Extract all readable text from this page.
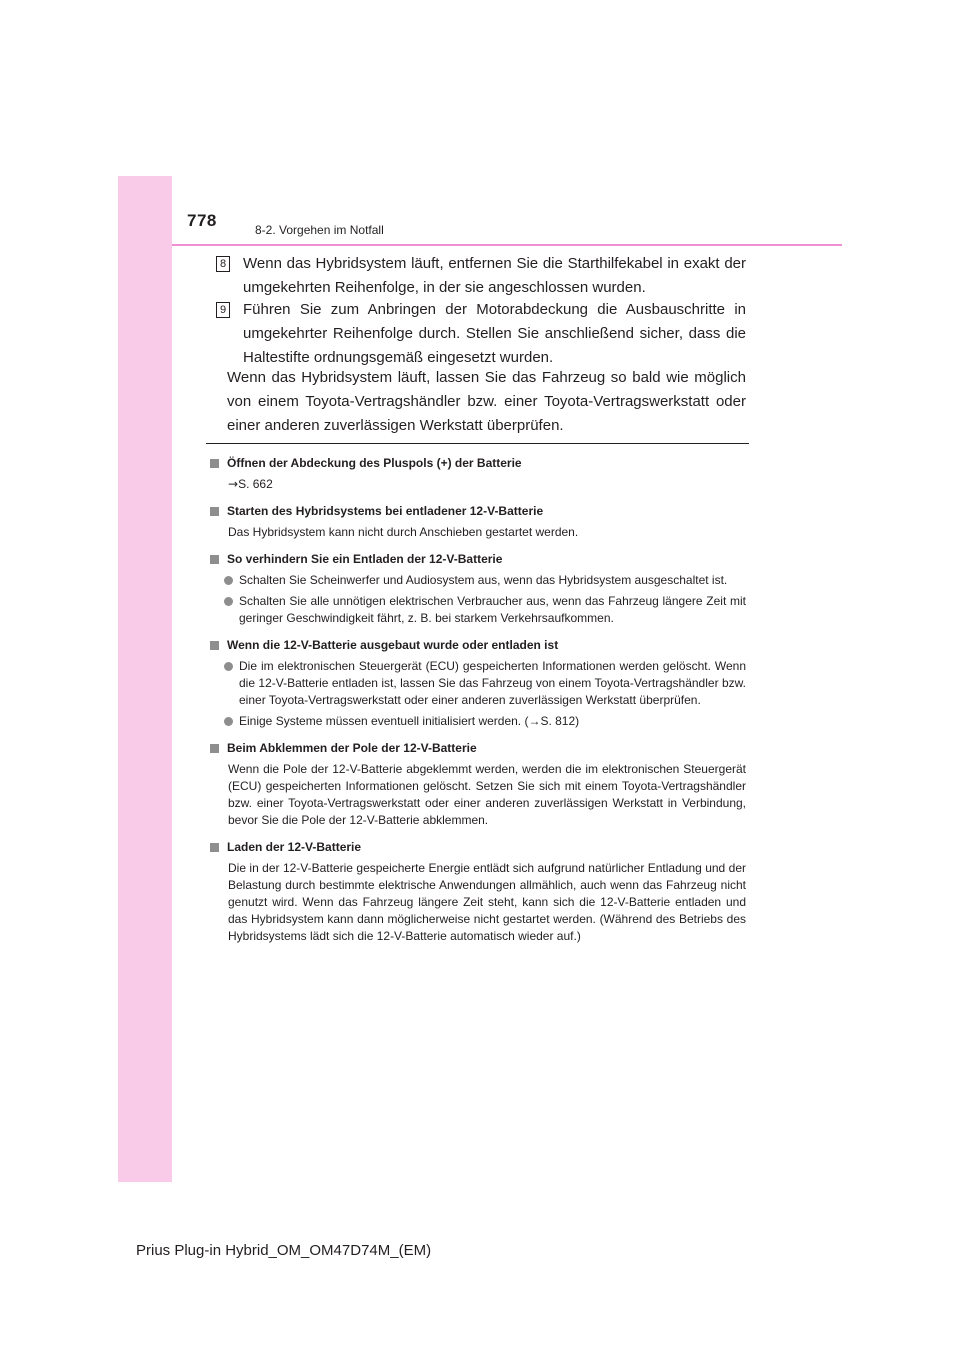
778	8-2. Vorgehen im Notfall
8 Wenn das Hybridsystem läuft, entfernen Sie die Starthilfekabel in exakt der umgekehrten Reihenfolge, in der sie angeschlossen wurden.
9 Führen Sie zum Anbringen der Motorabdeckung die Ausbauschritte in umgekehrter Reihenfolge durch. Stellen Sie anschließend sicher, dass die Haltestifte ordnungsgemäß eingesetzt wurden.
Wenn das Hybridsystem läuft, lassen Sie das Fahrzeug so bald wie möglich von einem Toyota-Vertragshändler bzw. einer Toyota-Vertragswerkstatt oder einer anderen zuverlässigen Werkstatt überprüfen.
Öffnen der Abdeckung des Pluspols (+) der Batterie
→S. 662
Starten des Hybridsystems bei entladener 12-V-Batterie
Das Hybridsystem kann nicht durch Anschieben gestartet werden.
So verhindern Sie ein Entladen der 12-V-Batterie
Schalten Sie Scheinwerfer und Audiosystem aus, wenn das Hybridsystem ausgeschaltet ist.
Schalten Sie alle unnötigen elektrischen Verbraucher aus, wenn das Fahrzeug längere Zeit mit geringer Geschwindigkeit fährt, z. B. bei starkem Verkehrsaufkommen.
Wenn die 12-V-Batterie ausgebaut wurde oder entladen ist
Die im elektronischen Steuergerät (ECU) gespeicherten Informationen werden gelöscht. Wenn die 12-V-Batterie entladen ist, lassen Sie das Fahrzeug von einem Toyota-Vertragshändler bzw. einer Toyota-Vertragswerkstatt oder einer anderen zuverlässigen Werkstatt überprüfen.
Einige Systeme müssen eventuell initialisiert werden. (→S. 812)
Beim Abklemmen der Pole der 12-V-Batterie
Wenn die Pole der 12-V-Batterie abgeklemmt werden, werden die im elektronischen Steuergerät (ECU) gespeicherten Informationen gelöscht. Setzen Sie sich mit einem Toyota-Vertragshändler bzw. einer Toyota-Vertragswerkstatt oder einer anderen zuverlässigen Werkstatt in Verbindung, bevor Sie die Pole der 12-V-Batterie abklemmen.
Laden der 12-V-Batterie
Die in der 12-V-Batterie gespeicherte Energie entlädt sich aufgrund natürlicher Entladung und der Belastung durch bestimmte elektrische Anwendungen allmählich, auch wenn das Fahrzeug nicht genutzt wird. Wenn das Fahrzeug längere Zeit steht, kann sich die 12-V-Batterie entladen und das Hybridsystem kann dann möglicherweise nicht gestartet werden. (Während des Betriebs des Hybridsystems lädt sich die 12-V-Batterie automatisch wieder auf.)
Prius Plug-in Hybrid_OM_OM47D74M_(EM)
